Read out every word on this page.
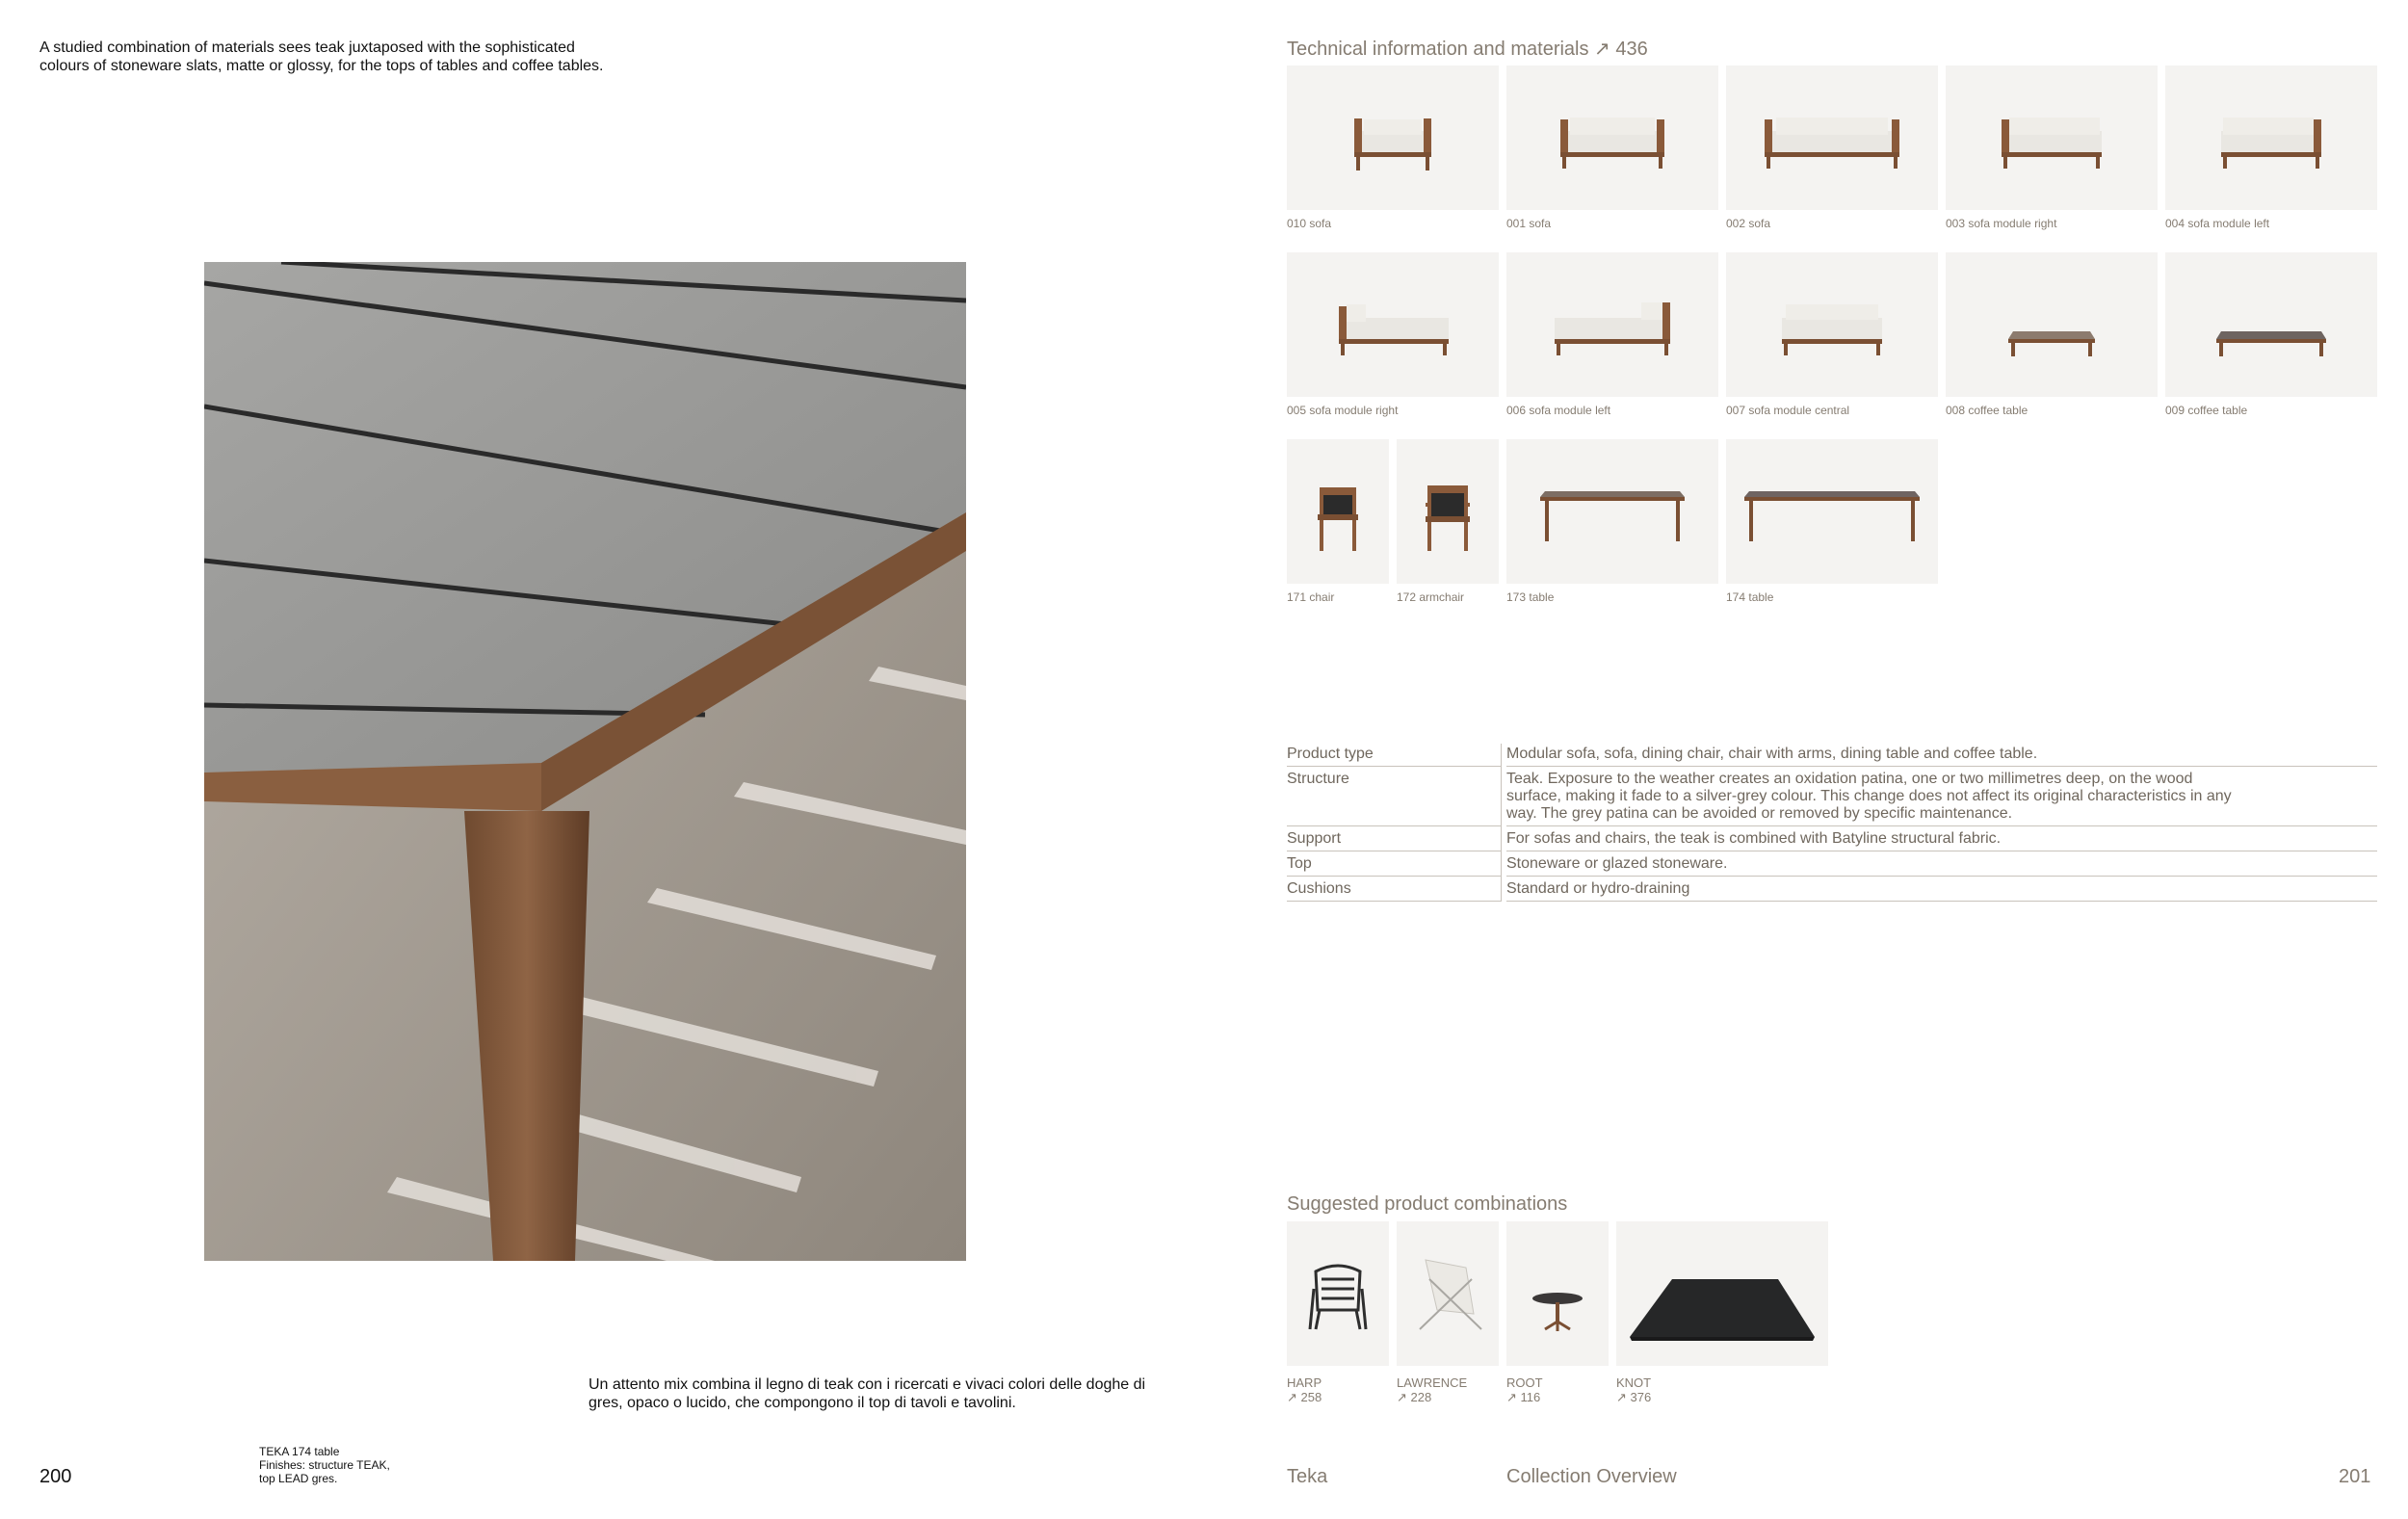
A studied combination of materials sees teak juxtaposed with the sophisticated colours of stoneware slats, matte or glossy, for the tops of tables and coffee tables.

Un attento mix combina il legno di teak con i ricercati e vivaci colori delle doghe di gres, opaco o lucido, che compongono il top di tavoli e tavolini.

TEKA 174 table
Finishes: structure TEAK,
top LEAD gres.
200
Technical information and materials ↗ 436
010 sofa	001 sofa	002 sofa	003 sofa module right	004 sofa module left
005 sofa module right	006 sofa module left	007 sofa module central	008 coffee table	009 coffee table
171 chair	172 armchair	173 table	174 table
Product type	Modular sofa, sofa, dining chair, chair with arms, dining table and coffee table.
Structure	Teak. Exposure to the weather creates an oxidation patina, one or two millimetres deep, on the wood surface, making it fade to a silver-grey colour. This change does not affect its original characteristics in any way. The grey patina can be avoided or removed by specific maintenance.
Support	For sofas and chairs, the teak is combined with Batyline structural fabric.
Top	Stoneware or glazed stoneware.
Cushions	Standard or hydro-draining
Suggested product combinations
HARP
↗ 258
LAWRENCE
↗ 228
ROOT
↗ 116
KNOT
↗ 376
Teka	Collection Overview	201
